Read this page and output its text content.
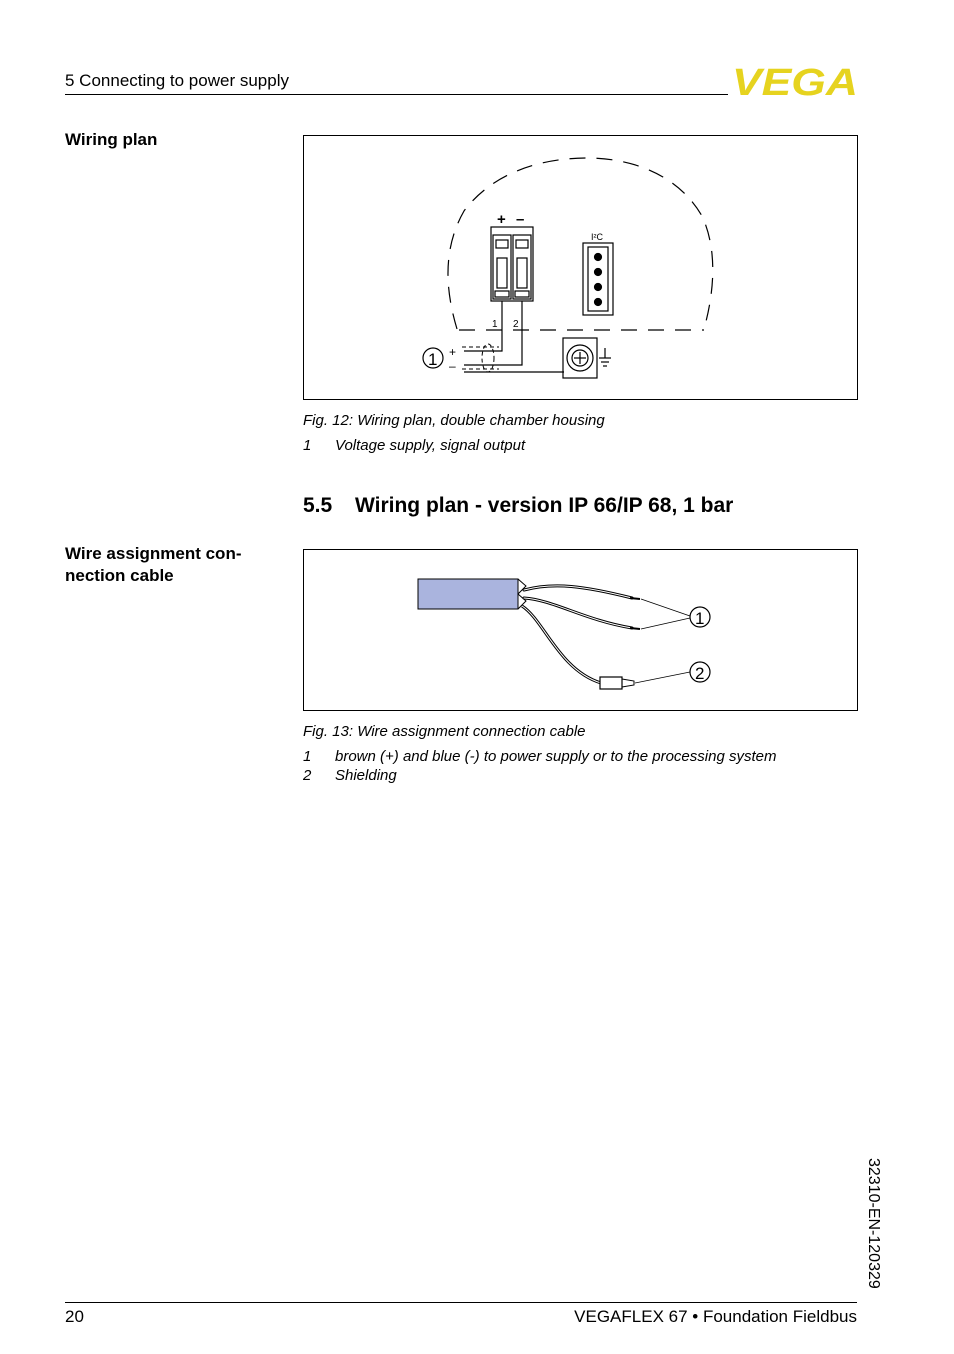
5 Connecting to power supply	VEGA
Wiring plan
+ –
1 2
I²C
+
–
1
Fig. 12: Wiring plan, double chamber housing
1 Voltage supply, signal output
5.5 Wiring plan - version IP 66/IP 68, 1 bar
Wire assignment con- nection cable
1
2
Fig. 13: Wire assignment connection cable
1 brown (+) and blue (-) to power supply or to the processing system
2 Shielding
32310-EN-120329
20	VEGAFLEX 67 • Foundation Fieldbus
